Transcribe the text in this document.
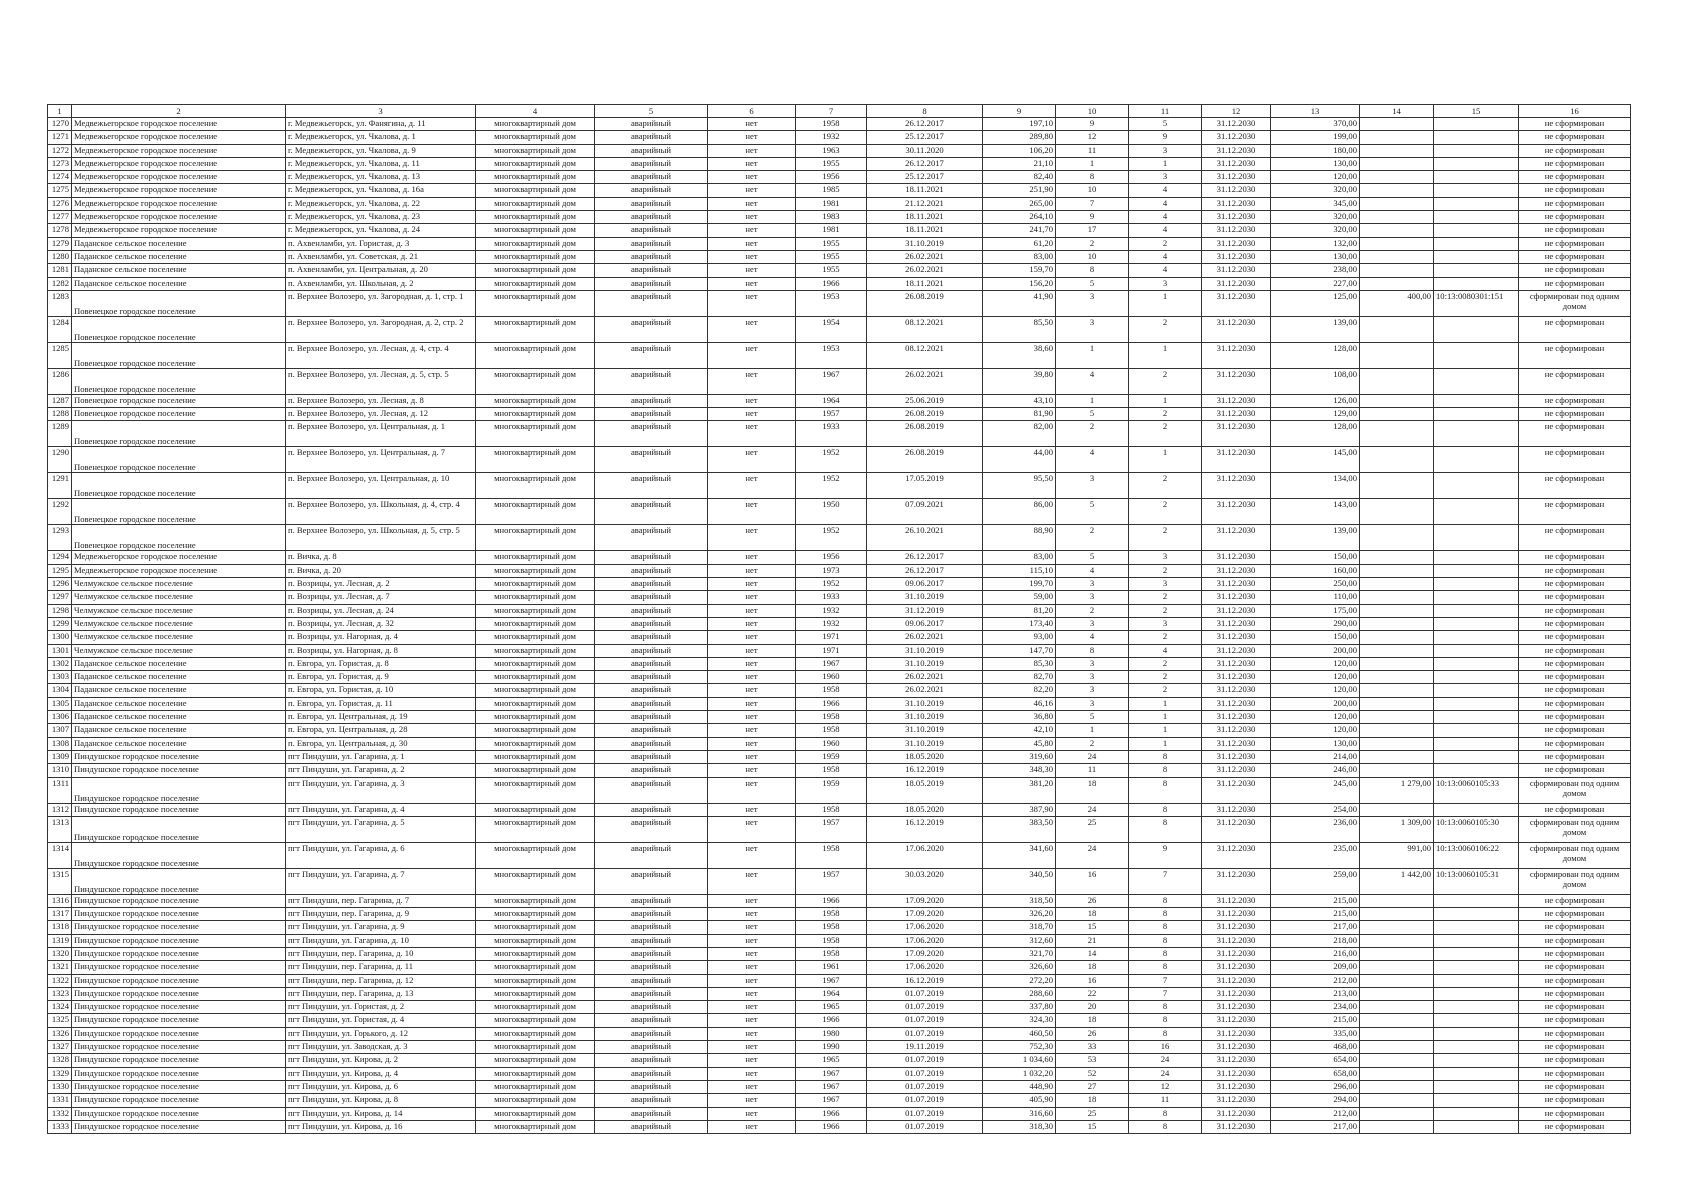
1	2	3	4	5	6	7	8	9	10	11	12	13	14	15	16
1270	Медвежьегорское городское поселение	г. Медвежьегорск, ул. Фанягина, д. 11	многоквартирный дом	аварийный	нет	1958	26.12.2017	197,10	9	5	31.12.2030	370,00			не сформирован
1271	Медвежьегорское городское поселение	г. Медвежьегорск, ул. Чкалова, д. 1	многоквартирный дом	аварийный	нет	1932	25.12.2017	289,80	12	9	31.12.2030	199,00			не сформирован
1272	Медвежьегорское городское поселение	г. Медвежьегорск, ул. Чкалова, д. 9	многоквартирный дом	аварийный	нет	1963	30.11.2020	106,20	11	3	31.12.2030	180,00			не сформирован
1273	Медвежьегорское городское поселение	г. Медвежьегорск, ул. Чкалова, д. 11	многоквартирный дом	аварийный	нет	1955	26.12.2017	21,10	1	1	31.12.2030	130,00			не сформирован
1274	Медвежьегорское городское поселение	г. Медвежьегорск, ул. Чкалова, д. 13	многоквартирный дом	аварийный	нет	1956	25.12.2017	82,40	8	3	31.12.2030	120,00			не сформирован
1275	Медвежьегорское городское поселение	г. Медвежьегорск, ул. Чкалова, д. 16а	многоквартирный дом	аварийный	нет	1985	18.11.2021	251,90	10	4	31.12.2030	320,00			не сформирован
1276	Медвежьегорское городское поселение	г. Медвежьегорск, ул. Чкалова, д. 22	многоквартирный дом	аварийный	нет	1981	21.12.2021	265,00	7	4	31.12.2030	345,00			не сформирован
1277	Медвежьегорское городское поселение	г. Медвежьегорск, ул. Чкалова, д. 23	многоквартирный дом	аварийный	нет	1983	18.11.2021	264,10	9	4	31.12.2030	320,00			не сформирован
1278	Медвежьегорское городское поселение	г. Медвежьегорск, ул. Чкалова, д. 24	многоквартирный дом	аварийный	нет	1981	18.11.2021	241,70	17	4	31.12.2030	320,00			не сформирован
1279	Паданское сельское поселение	п. Ахвенламби, ул. Гористая, д. 3	многоквартирный дом	аварийный	нет	1955	31.10.2019	61,20	2	2	31.12.2030	132,00			не сформирован
1280	Паданское сельское поселение	п. Ахвенламби, ул. Советская, д. 21	многоквартирный дом	аварийный	нет	1955	26.02.2021	83,00	10	4	31.12.2030	130,00			не сформирован
1281	Паданское сельское поселение	п. Ахвенламби, ул. Центральная, д. 20	многоквартирный дом	аварийный	нет	1955	26.02.2021	159,70	8	4	31.12.2030	238,00			не сформирован
1282	Паданское сельское поселение	п. Ахвенламби, ул. Школьная, д. 2	многоквартирный дом	аварийный	нет	1966	18.11.2021	156,20	5	3	31.12.2030	227,00			не сформирован
1283	Повенецкое городское поселение	п. Верхнее Волозеро, ул. Загородная, д. 1, стр. 1	многоквартирный дом	аварийный	нет	1953	26.08.2019	41,90	3	1	31.12.2030	125,00	400,00	10:13:0080301:151	сформирован под одним домом
1284	Повенецкое городское поселение	п. Верхнее Волозеро, ул. Загородная, д. 2, стр. 2	многоквартирный дом	аварийный	нет	1954	08.12.2021	85,50	3	2	31.12.2030	139,00			не сформирован
1285	Повенецкое городское поселение	п. Верхнее Волозеро, ул. Лесная, д. 4, стр. 4	многоквартирный дом	аварийный	нет	1953	08.12.2021	38,60	1	1	31.12.2030	128,00			не сформирован
1286	Повенецкое городское поселение	п. Верхнее Волозеро, ул. Лесная, д. 5, стр. 5	многоквартирный дом	аварийный	нет	1967	26.02.2021	39,80	4	2	31.12.2030	108,00			не сформирован
1287	Повенецкое городское поселение	п. Верхнее Волозеро, ул. Лесная, д. 8	многоквартирный дом	аварийный	нет	1964	25.06.2019	43,10	1	1	31.12.2030	126,00			не сформирован
1288	Повенецкое городское поселение	п. Верхнее Волозеро, ул. Лесная, д. 12	многоквартирный дом	аварийный	нет	1957	26.08.2019	81,90	5	2	31.12.2030	129,00			не сформирован
1289	Повенецкое городское поселение	п. Верхнее Волозеро, ул. Центральная, д. 1	многоквартирный дом	аварийный	нет	1933	26.08.2019	82,00	2	2	31.12.2030	128,00			не сформирован
1290	Повенецкое городское поселение	п. Верхнее Волозеро, ул. Центральная, д. 7	многоквартирный дом	аварийный	нет	1952	26.08.2019	44,00	4	1	31.12.2030	145,00			не сформирован
1291	Повенецкое городское поселение	п. Верхнее Волозеро, ул. Центральная, д. 10	многоквартирный дом	аварийный	нет	1952	17.05.2019	95,50	3	2	31.12.2030	134,00			не сформирован
1292	Повенецкое городское поселение	п. Верхнее Волозеро, ул. Школьная, д. 4, стр. 4	многоквартирный дом	аварийный	нет	1950	07.09.2021	86,00	5	2	31.12.2030	143,00			не сформирован
1293	Повенецкое городское поселение	п. Верхнее Волозеро, ул. Школьная, д. 5, стр. 5	многоквартирный дом	аварийный	нет	1952	26.10.2021	88,90	2	2	31.12.2030	139,00			не сформирован
1294	Медвежьегорское городское поселение	п. Вичка, д. 8	многоквартирный дом	аварийный	нет	1956	26.12.2017	83,00	5	3	31.12.2030	150,00			не сформирован
1295	Медвежьегорское городское поселение	п. Вичка, д. 20	многоквартирный дом	аварийный	нет	1973	26.12.2017	115,10	4	2	31.12.2030	160,00			не сформирован
1296	Челмужское сельское поселение	п. Возрицы, ул. Лесная, д. 2	многоквартирный дом	аварийный	нет	1952	09.06.2017	199,70	3	3	31.12.2030	250,00			не сформирован
1297	Челмужское сельское поселение	п. Возрицы, ул. Лесная, д. 7	многоквартирный дом	аварийный	нет	1933	31.10.2019	59,00	3	2	31.12.2030	110,00			не сформирован
1298	Челмужское сельское поселение	п. Возрицы, ул. Лесная, д. 24	многоквартирный дом	аварийный	нет	1932	31.12.2019	81,20	2	2	31.12.2030	175,00			не сформирован
1299	Челмужское сельское поселение	п. Возрицы, ул. Лесная, д. 32	многоквартирный дом	аварийный	нет	1932	09.06.2017	173,40	3	3	31.12.2030	290,00			не сформирован
1300	Челмужское сельское поселение	п. Возрицы, ул. Нагорная, д. 4	многоквартирный дом	аварийный	нет	1971	26.02.2021	93,00	4	2	31.12.2030	150,00			не сформирован
1301	Челмужское сельское поселение	п. Возрицы, ул. Нагорная, д. 8	многоквартирный дом	аварийный	нет	1971	31.10.2019	147,70	8	4	31.12.2030	200,00			не сформирован
1302	Паданское сельское поселение	п. Евгора, ул. Гористая, д. 8	многоквартирный дом	аварийный	нет	1967	31.10.2019	85,30	3	2	31.12.2030	120,00			не сформирован
1303	Паданское сельское поселение	п. Евгора, ул. Гористая, д. 9	многоквартирный дом	аварийный	нет	1960	26.02.2021	82,70	3	2	31.12.2030	120,00			не сформирован
1304	Паданское сельское поселение	п. Евгора, ул. Гористая, д. 10	многоквартирный дом	аварийный	нет	1958	26.02.2021	82,20	3	2	31.12.2030	120,00			не сформирован
1305	Паданское сельское поселение	п. Евгора, ул. Гористая, д. 11	многоквартирный дом	аварийный	нет	1966	31.10.2019	46,16	3	1	31.12.2030	200,00			не сформирован
1306	Паданское сельское поселение	п. Евгора, ул. Центральная, д. 19	многоквартирный дом	аварийный	нет	1958	31.10.2019	36,80	5	1	31.12.2030	120,00			не сформирован
1307	Паданское сельское поселение	п. Евгора, ул. Центральная, д. 28	многоквартирный дом	аварийный	нет	1958	31.10.2019	42,10	1	1	31.12.2030	120,00			не сформирован
1308	Паданское сельское поселение	п. Евгора, ул. Центральная, д. 30	многоквартирный дом	аварийный	нет	1960	31.10.2019	45,80	2	1	31.12.2030	130,00			не сформирован
1309	Пиндушское городское поселение	пгт Пиндуши, ул. Гагарина, д. 1	многоквартирный дом	аварийный	нет	1959	18.05.2020	319,60	24	8	31.12.2030	214,00			не сформирован
1310	Пиндушское городское поселение	пгт Пиндуши, ул. Гагарина, д. 2	многоквартирный дом	аварийный	нет	1958	16.12.2019	348,30	11	8	31.12.2030	246,00			не сформирован
1311	Пиндушское городское поселение	пгт Пиндуши, ул. Гагарина, д. 3	многоквартирный дом	аварийный	нет	1959	18.05.2019	381,20	18	8	31.12.2030	245,00	1 279,00	10:13:0060105:33	сформирован под одним домом
1312	Пиндушское городское поселение	пгт Пиндуши, ул. Гагарина, д. 4	многоквартирный дом	аварийный	нет	1958	18.05.2020	387,90	24	8	31.12.2030	254,00			не сформирован
1313	Пиндушское городское поселение	пгт Пиндуши, ул. Гагарина, д. 5	многоквартирный дом	аварийный	нет	1957	16.12.2019	383,50	25	8	31.12.2030	236,00	1 309,00	10:13:0060105:30	сформирован под одним домом
1314	Пиндушское городское поселение	пгт Пиндуши, ул. Гагарина, д. 6	многоквартирный дом	аварийный	нет	1958	17.06.2020	341,60	24	9	31.12.2030	235,00	991,00	10:13:0060106:22	сформирован под одним домом
1315	Пиндушское городское поселение	пгт Пиндуши, ул. Гагарина, д. 7	многоквартирный дом	аварийный	нет	1957	30.03.2020	340,50	16	7	31.12.2030	259,00	1 442,00	10:13:0060105:31	сформирован под одним домом
1316	Пиндушское городское поселение	пгт Пиндуши, пер. Гагарина, д. 7	многоквартирный дом	аварийный	нет	1966	17.09.2020	318,50	26	8	31.12.2030	215,00			не сформирован
1317	Пиндушское городское поселение	пгт Пиндуши, пер. Гагарина, д. 9	многоквартирный дом	аварийный	нет	1958	17.09.2020	326,20	18	8	31.12.2030	215,00			не сформирован
1318	Пиндушское городское поселение	пгт Пиндуши, ул. Гагарина, д. 9	многоквартирный дом	аварийный	нет	1958	17.06.2020	318,70	15	8	31.12.2030	217,00			не сформирован
1319	Пиндушское городское поселение	пгт Пиндуши, ул. Гагарина, д. 10	многоквартирный дом	аварийный	нет	1958	17.06.2020	312,60	21	8	31.12.2030	218,00			не сформирован
1320	Пиндушское городское поселение	пгт Пиндуши, пер. Гагарина, д. 10	многоквартирный дом	аварийный	нет	1958	17.09.2020	321,70	14	8	31.12.2030	216,00			не сформирован
1321	Пиндушское городское поселение	пгт Пиндуши, пер. Гагарина, д. 11	многоквартирный дом	аварийный	нет	1961	17.06.2020	326,60	18	8	31.12.2030	209,00			не сформирован
1322	Пиндушское городское поселение	пгт Пиндуши, пер. Гагарина, д. 12	многоквартирный дом	аварийный	нет	1967	16.12.2019	272,20	16	7	31.12.2030	212,00			не сформирован
1323	Пиндушское городское поселение	пгт Пиндуши, пер. Гагарина, д. 13	многоквартирный дом	аварийный	нет	1964	01.07.2019	288,60	22	7	31.12.2030	213,00			не сформирован
1324	Пиндушское городское поселение	пгт Пиндуши, ул. Гористая, д. 2	многоквартирный дом	аварийный	нет	1965	01.07.2019	337,80	20	8	31.12.2030	234,00			не сформирован
1325	Пиндушское городское поселение	пгт Пиндуши, ул. Гористая, д. 4	многоквартирный дом	аварийный	нет	1966	01.07.2019	324,30	18	8	31.12.2030	215,00			не сформирован
1326	Пиндушское городское поселение	пгт Пиндуши, ул. Горького, д. 12	многоквартирный дом	аварийный	нет	1980	01.07.2019	460,50	26	8	31.12.2030	335,00			не сформирован
1327	Пиндушское городское поселение	пгт Пиндуши, ул. Заводская, д. 3	многоквартирный дом	аварийный	нет	1990	19.11.2019	752,30	33	16	31.12.2030	468,00			не сформирован
1328	Пиндушское городское поселение	пгт Пиндуши, ул. Кирова, д. 2	многоквартирный дом	аварийный	нет	1965	01.07.2019	1 034,60	53	24	31.12.2030	654,00			не сформирован
1329	Пиндушское городское поселение	пгт Пиндуши, ул. Кирова, д. 4	многоквартирный дом	аварийный	нет	1967	01.07.2019	1 032,20	52	24	31.12.2030	658,00			не сформирован
1330	Пиндушское городское поселение	пгт Пиндуши, ул. Кирова, д. 6	многоквартирный дом	аварийный	нет	1967	01.07.2019	448,90	27	12	31.12.2030	296,00			не сформирован
1331	Пиндушское городское поселение	пгт Пиндуши, ул. Кирова, д. 8	многоквартирный дом	аварийный	нет	1967	01.07.2019	405,90	18	11	31.12.2030	294,00			не сформирован
1332	Пиндушское городское поселение	пгт Пиндуши, ул. Кирова, д. 14	многоквартирный дом	аварийный	нет	1966	01.07.2019	316,60	25	8	31.12.2030	212,00			не сформирован
1333	Пиндушское городское поселение	пгт Пиндуши, ул. Кирова, д. 16	многоквартирный дом	аварийный	нет	1966	01.07.2019	318,30	15	8	31.12.2030	217,00			не сформирован
